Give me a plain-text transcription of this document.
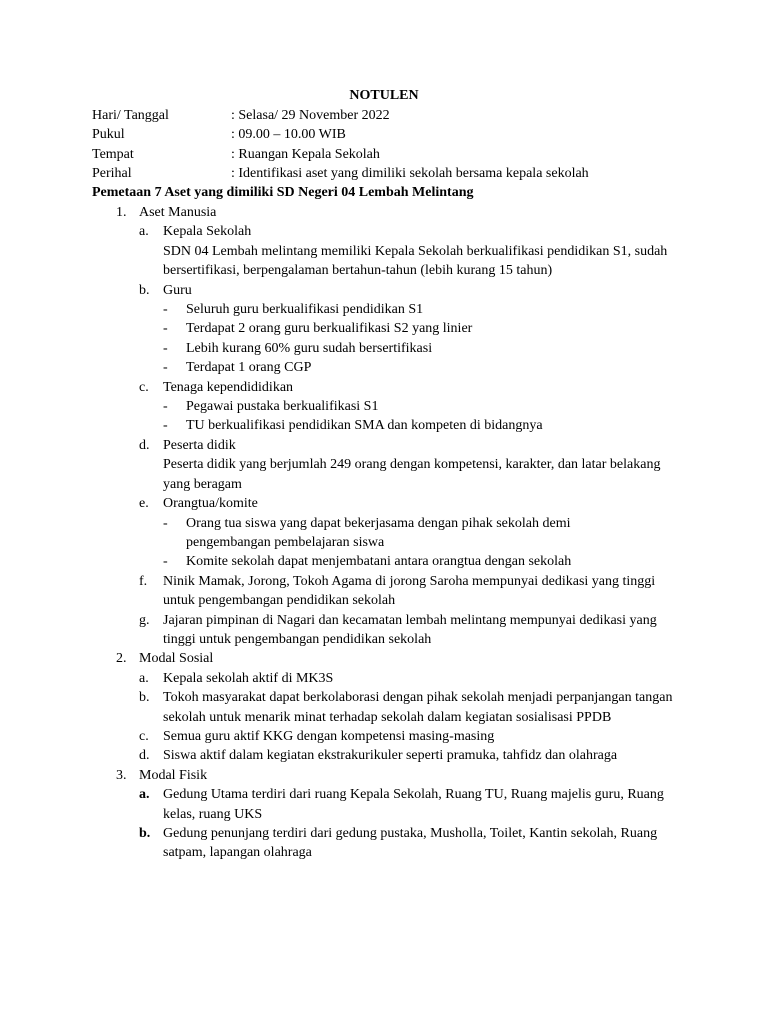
NOTULEN
Hari/ Tanggal	: Selasa/ 29 November 2022
Pukul	: 09.00 – 10.00 WIB
Tempat	: Ruangan Kepala Sekolah
Perihal	: Identifikasi aset yang dimiliki sekolah bersama kepala sekolah
Pemetaan 7 Aset yang dimiliki SD Negeri 04 Lembah Melintang
1. Aset Manusia
a. Kepala Sekolah
SDN 04 Lembah melintang memiliki Kepala Sekolah berkualifikasi pendidikan S1, sudah bersertifikasi, berpengalaman bertahun-tahun (lebih kurang 15 tahun)
b. Guru
- Seluruh guru berkualifikasi pendidikan S1
- Terdapat 2 orang guru berkualifikasi S2 yang linier
- Lebih kurang 60% guru sudah bersertifikasi
- Terdapat 1 orang CGP
c. Tenaga kependididikan
- Pegawai pustaka berkualifikasi S1
- TU berkualifikasi pendidikan SMA dan kompeten di bidangnya
d. Peserta didik
Peserta didik yang berjumlah 249 orang dengan kompetensi, karakter, dan latar belakang yang beragam
e. Orangtua/komite
- Orang tua siswa yang dapat bekerjasama dengan pihak sekolah demi pengembangan pembelajaran siswa
- Komite sekolah dapat menjembatani antara orangtua dengan sekolah
f. Ninik Mamak, Jorong, Tokoh Agama di jorong Saroha mempunyai dedikasi yang tinggi untuk pengembangan pendidikan sekolah
g. Jajaran pimpinan di Nagari dan kecamatan lembah melintang mempunyai dedikasi yang tinggi untuk pengembangan pendidikan sekolah
2. Modal Sosial
a. Kepala sekolah aktif di MK3S
b. Tokoh masyarakat dapat berkolaborasi dengan pihak sekolah menjadi perpanjangan tangan sekolah untuk menarik minat terhadap sekolah dalam kegiatan sosialisasi PPDB
c. Semua guru aktif KKG dengan kompetensi masing-masing
d. Siswa aktif dalam kegiatan ekstrakurikuler seperti pramuka, tahfidz dan olahraga
3. Modal Fisik
a. Gedung Utama terdiri dari ruang Kepala Sekolah, Ruang TU, Ruang majelis guru, Ruang kelas, ruang UKS
b. Gedung penunjang terdiri dari gedung pustaka, Musholla, Toilet, Kantin sekolah, Ruang satpam, lapangan olahraga
